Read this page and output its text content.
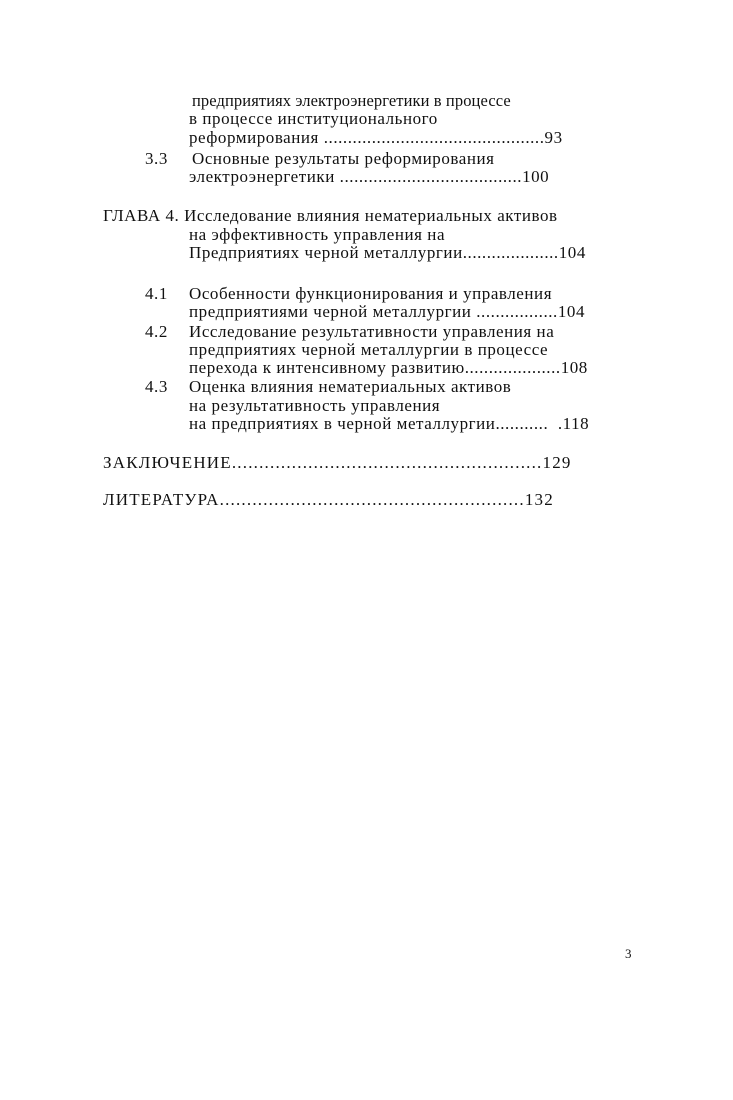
предприятиях электроэнергетики в процессе
в процессе институционального
реформирования ..............................................93
3.3 Основные результаты реформирования
электроэнергетики ......................................100
ГЛАВА 4. Исследование влияния нематериальных активов
на эффективность управления на
Предприятиях черной металлургии....................104
4.1 Особенности функционирования и управления
предприятиями черной металлургии .................104
4.2 Исследование результативности управления на
предприятиях черной металлургии в процессе
перехода к интенсивному развитию....................108
4.3 Оценка влияния нематериальных активов
на результативность управления
на предприятиях в черной металлургии...........  .118
ЗАКЛЮЧЕНИЕ.........................................................129
ЛИТЕРАТУРА........................................................132
3
